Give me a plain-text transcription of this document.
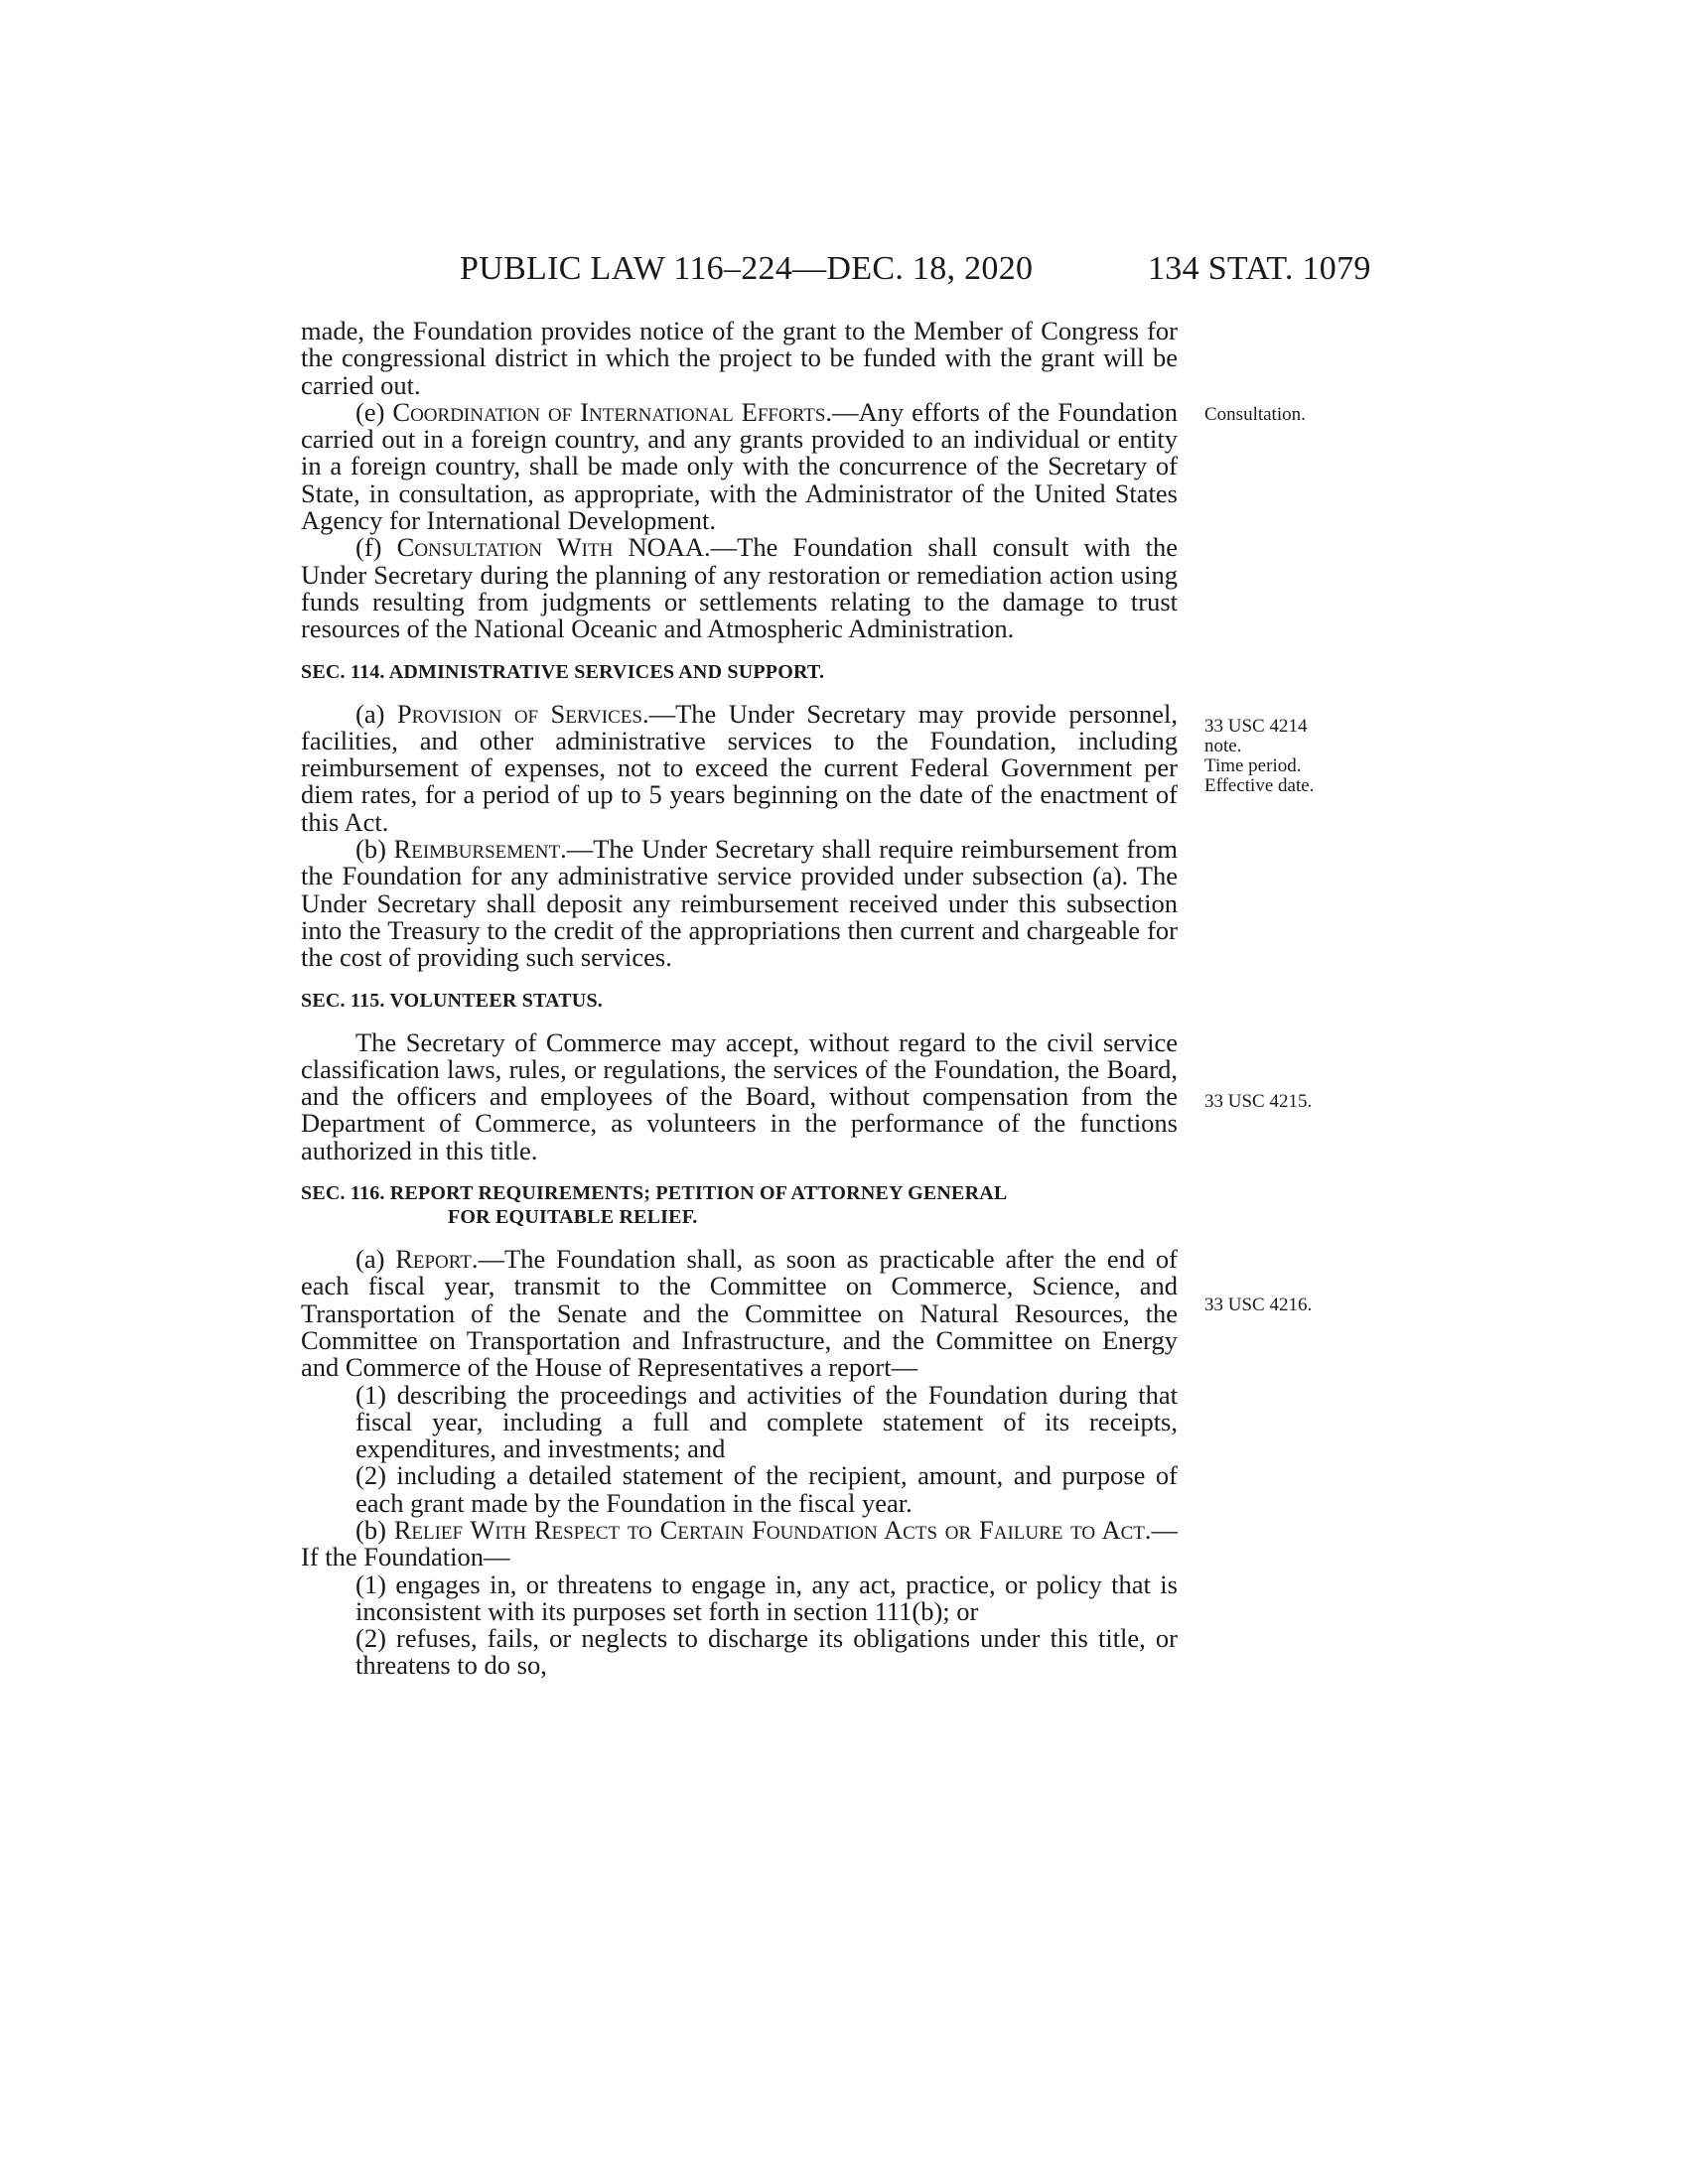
PUBLIC LAW 116–224—DEC. 18, 2020	134 STAT. 1079

made, the Foundation provides notice of the grant to the Member of Congress for the congressional district in which the project to be funded with the grant will be carried out.

(e) Coordination of International Efforts.—Any efforts of the Foundation carried out in a foreign country, and any grants provided to an individual or entity in a foreign country, shall be made only with the concurrence of the Secretary of State, in consultation, as appropriate, with the Administrator of the United States Agency for International Development.

(f) Consultation With NOAA.—The Foundation shall consult with the Under Secretary during the planning of any restoration or remediation action using funds resulting from judgments or settlements relating to the damage to trust resources of the National Oceanic and Atmospheric Administration.

SEC. 114. ADMINISTRATIVE SERVICES AND SUPPORT.

(a) Provision of Services.—The Under Secretary may provide personnel, facilities, and other administrative services to the Foundation, including reimbursement of expenses, not to exceed the current Federal Government per diem rates, for a period of up to 5 years beginning on the date of the enactment of this Act.

(b) Reimbursement.—The Under Secretary shall require reimbursement from the Foundation for any administrative service provided under subsection (a). The Under Secretary shall deposit any reimbursement received under this subsection into the Treasury to the credit of the appropriations then current and chargeable for the cost of providing such services.

SEC. 115. VOLUNTEER STATUS.

The Secretary of Commerce may accept, without regard to the civil service classification laws, rules, or regulations, the services of the Foundation, the Board, and the officers and employees of the Board, without compensation from the Department of Commerce, as volunteers in the performance of the functions authorized in this title.

SEC. 116. REPORT REQUIREMENTS; PETITION OF ATTORNEY GENERAL
FOR EQUITABLE RELIEF.

(a) Report.—The Foundation shall, as soon as practicable after the end of each fiscal year, transmit to the Committee on Commerce, Science, and Transportation of the Senate and the Committee on Natural Resources, the Committee on Transportation and Infrastructure, and the Committee on Energy and Commerce of the House of Representatives a report—

(1) describing the proceedings and activities of the Foundation during that fiscal year, including a full and complete statement of its receipts, expenditures, and investments; and

(2) including a detailed statement of the recipient, amount, and purpose of each grant made by the Foundation in the fiscal year.

(b) Relief With Respect to Certain Foundation Acts or Failure to Act.—If the Foundation—

(1) engages in, or threatens to engage in, any act, practice, or policy that is inconsistent with its purposes set forth in section 111(b); or

(2) refuses, fails, or neglects to discharge its obligations under this title, or threatens to do so,

Consultation.
33 USC 4214
note.
Time period.
Effective date.
33 USC 4215.
33 USC 4216.
